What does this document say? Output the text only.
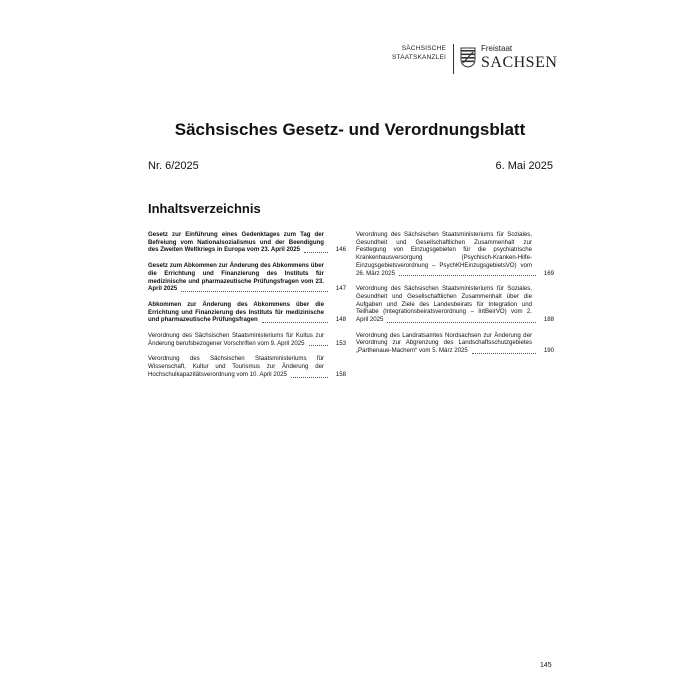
SÄCHSISCHE
STAATSKANZLEI
Freistaat
SACHSEN
Sächsisches Gesetz- und Verordnungsblatt
Nr. 6/2025	6. Mai 2025
Inhaltsverzeichnis
Gesetz zur Einführung eines Gedenktages zum Tag der Befreiung vom Nationalsozialismus und der Beendigung des Zweiten Weltkriegs in Europa vom 23. April 2025	146
Gesetz zum Abkommen zur Änderung des Abkommens über die Errichtung und Finanzierung des Instituts für medizinische und pharmazeutische Prüfungsfragen vom 23. April 2025	147
Abkommen zur Änderung des Abkommens über die Errichtung und Finanzierung des Instituts für medizinische und pharmazeutische Prüfungsfragen	148
Verordnung des Sächsischen Staatsministeriums für Kultus zur Änderung berufsbezogener Vorschriften vom 9. April 2025	153
Verordnung des Sächsischen Staatsministeriums für Wissenschaft, Kultur und Tourismus zur Änderung der Hochschulkapazitätsverordnung vom 10. April 2025	158
Verordnung des Sächsischen Staatsministeriums für Soziales, Gesundheit und Gesellschaftlichen Zusammenhalt zur Festlegung von Einzugsgebieten für die psychiatrische Krankenhausversorgung (Psychisch-Kranken-Hilfe-Einzugsgebietsverordnung – PsychKHEinzugsgebietsVO) vom 26. März 2025	169
Verordnung des Sächsischen Staatsministeriums für Soziales, Gesundheit und Gesellschaftlichen Zusammenhalt über die Aufgaben und Ziele des Landesbeirats für Integration und Teilhabe (Integrationsbeiratsverordnung – IntBeirVO) vom 2. April 2025	188
Verordnung des Landratsamtes Nordsachsen zur Änderung der Verordnung zur Abgrenzung des Landschaftsschutzgebietes „Parthenaue-Machern“ vom 5. März 2025	190
145
